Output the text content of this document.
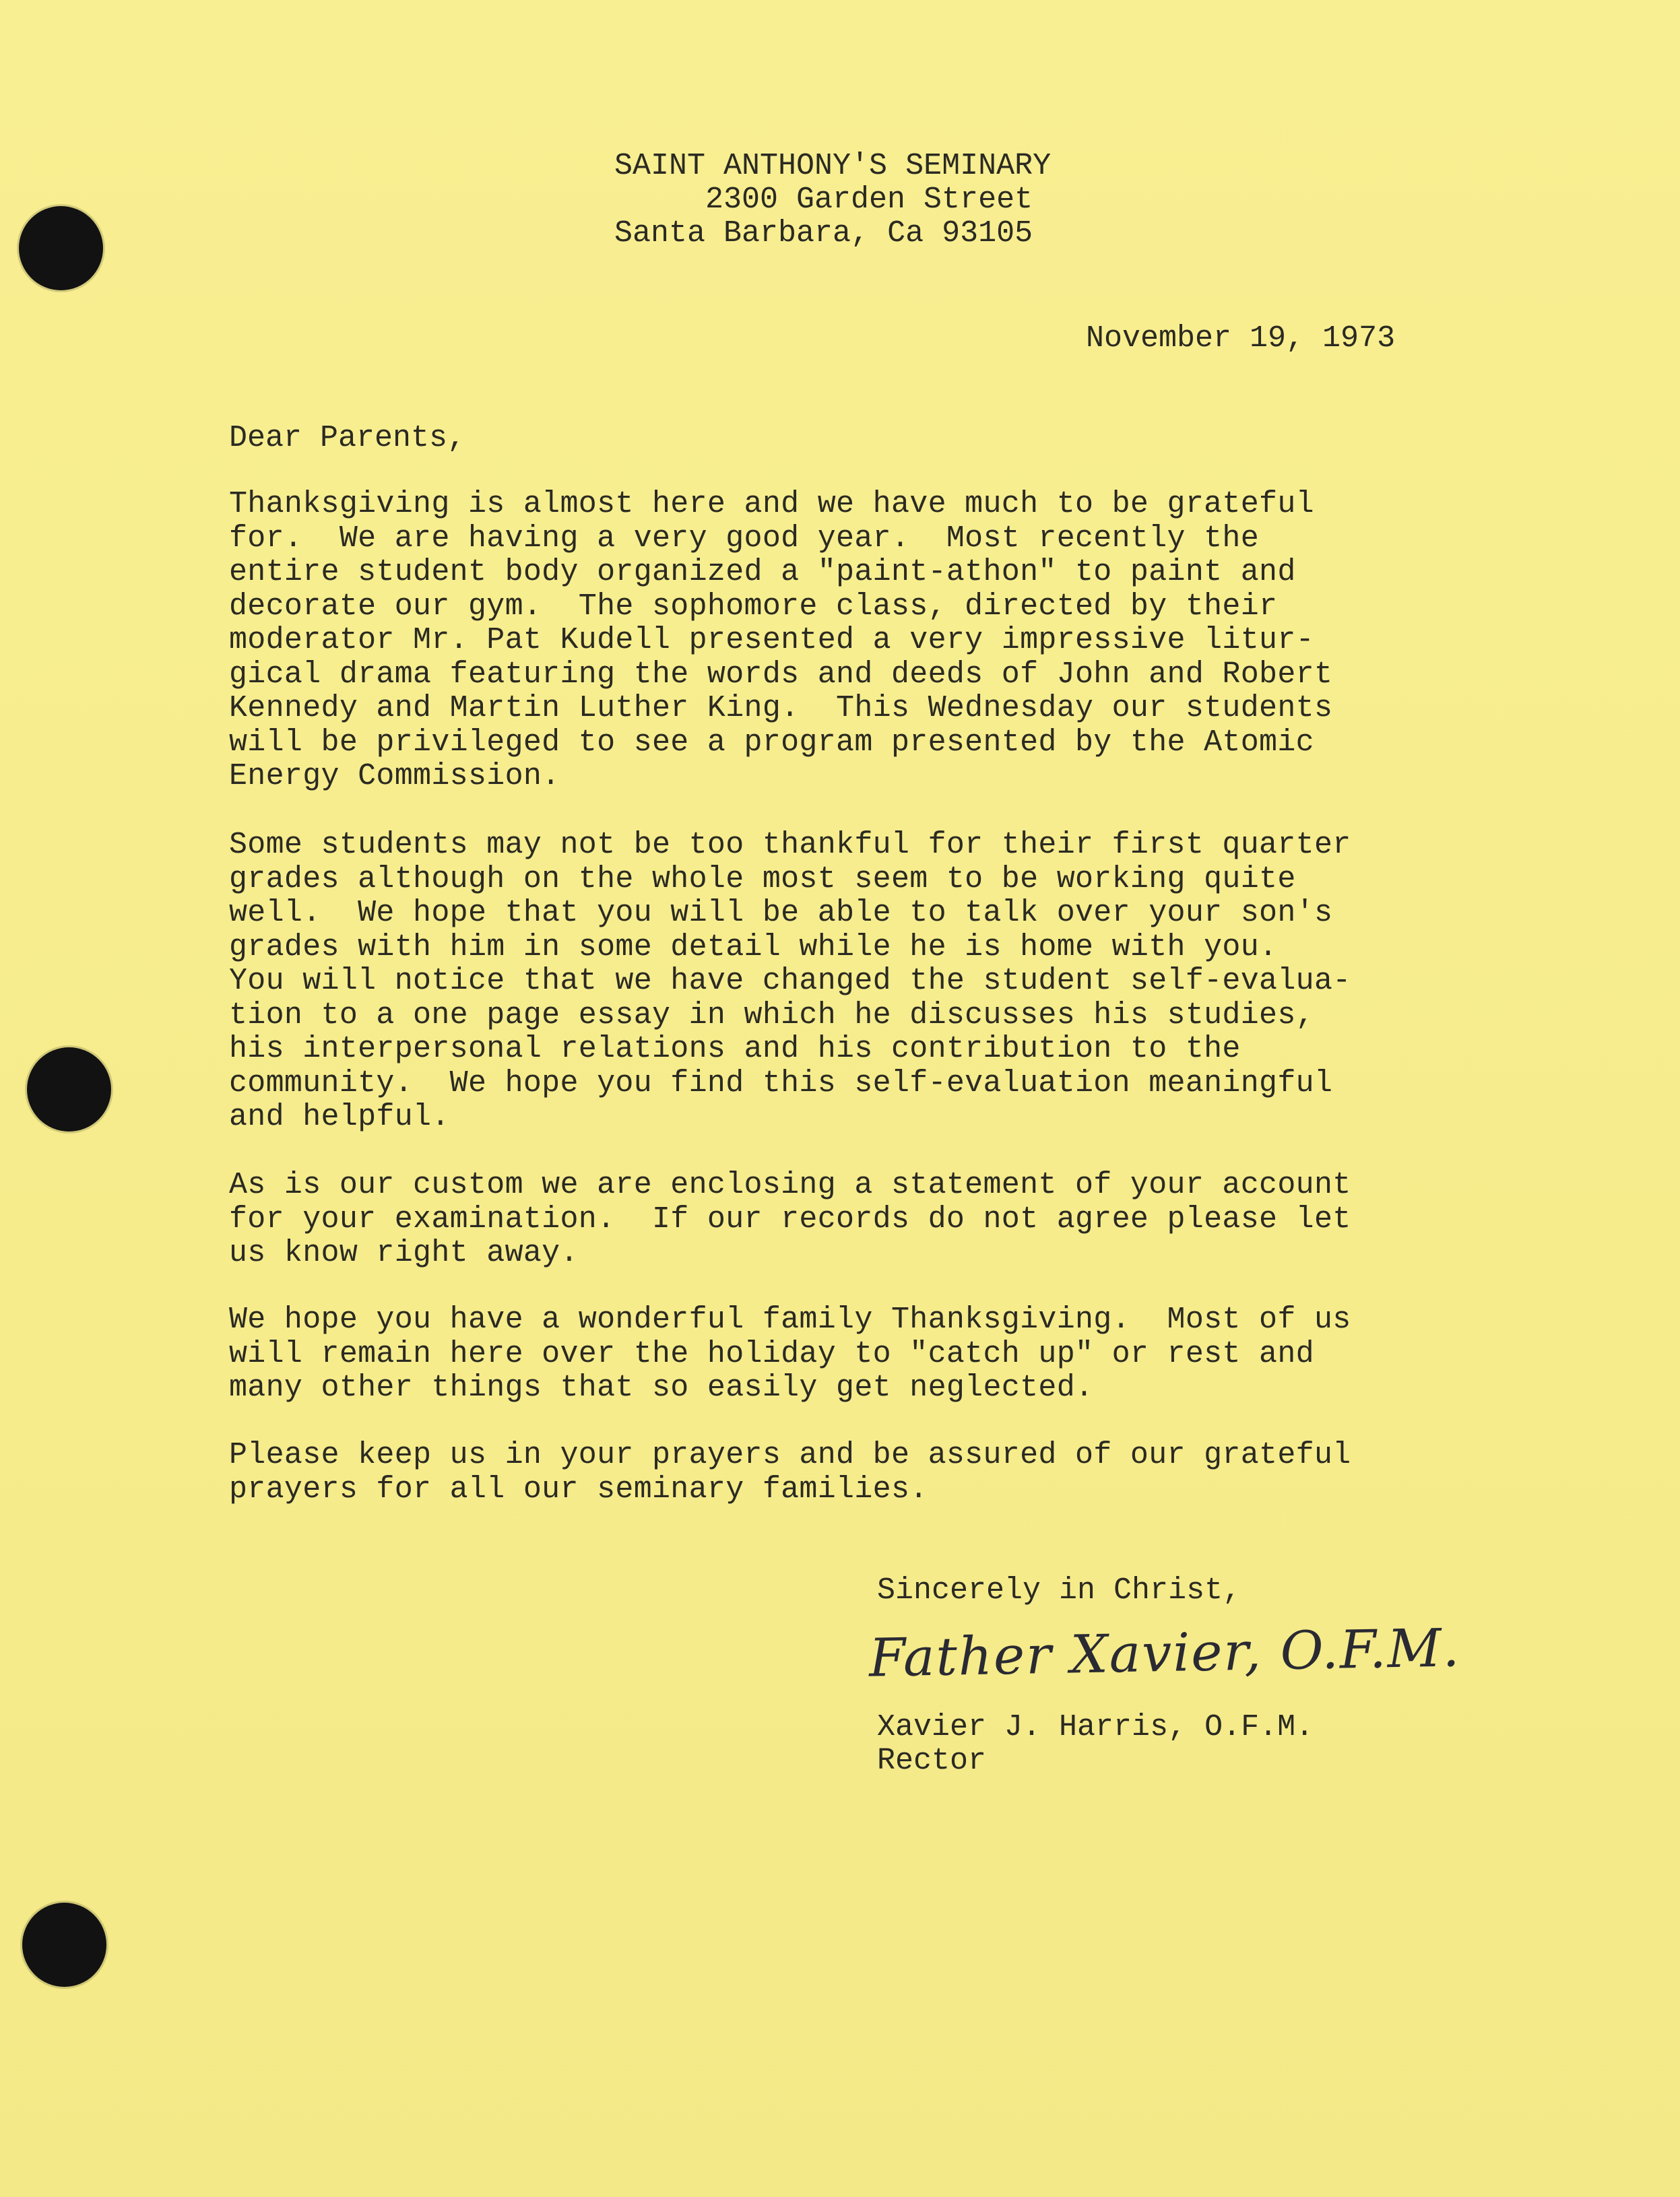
SAINT ANTHONY'S SEMINARY
2300 Garden Street
Santa Barbara, Ca 93105
November 19, 1973
Dear Parents,
Thanksgiving is almost here and we have much to be grateful
for.  We are having a very good year.  Most recently the
entire student body organized a "paint-athon" to paint and
decorate our gym.  The sophomore class, directed by their
moderator Mr. Pat Kudell presented a very impressive litur-
gical drama featuring the words and deeds of John and Robert
Kennedy and Martin Luther King.  This Wednesday our students
will be privileged to see a program presented by the Atomic
Energy Commission.
Some students may not be too thankful for their first quarter
grades although on the whole most seem to be working quite
well.  We hope that you will be able to talk over your son's
grades with him in some detail while he is home with you.
You will notice that we have changed the student self-evalua-
tion to a one page essay in which he discusses his studies,
his interpersonal relations and his contribution to the
community.  We hope you find this self-evaluation meaningful
and helpful.
As is our custom we are enclosing a statement of your account
for your examination.  If our records do not agree please let
us know right away.
We hope you have a wonderful family Thanksgiving.  Most of us
will remain here over the holiday to "catch up" or rest and
many other things that so easily get neglected.
Please keep us in your prayers and be assured of our grateful
prayers for all our seminary families.
Sincerely in Christ,
Father Xavier, O.F.M.
Xavier J. Harris, O.F.M.
Rector
